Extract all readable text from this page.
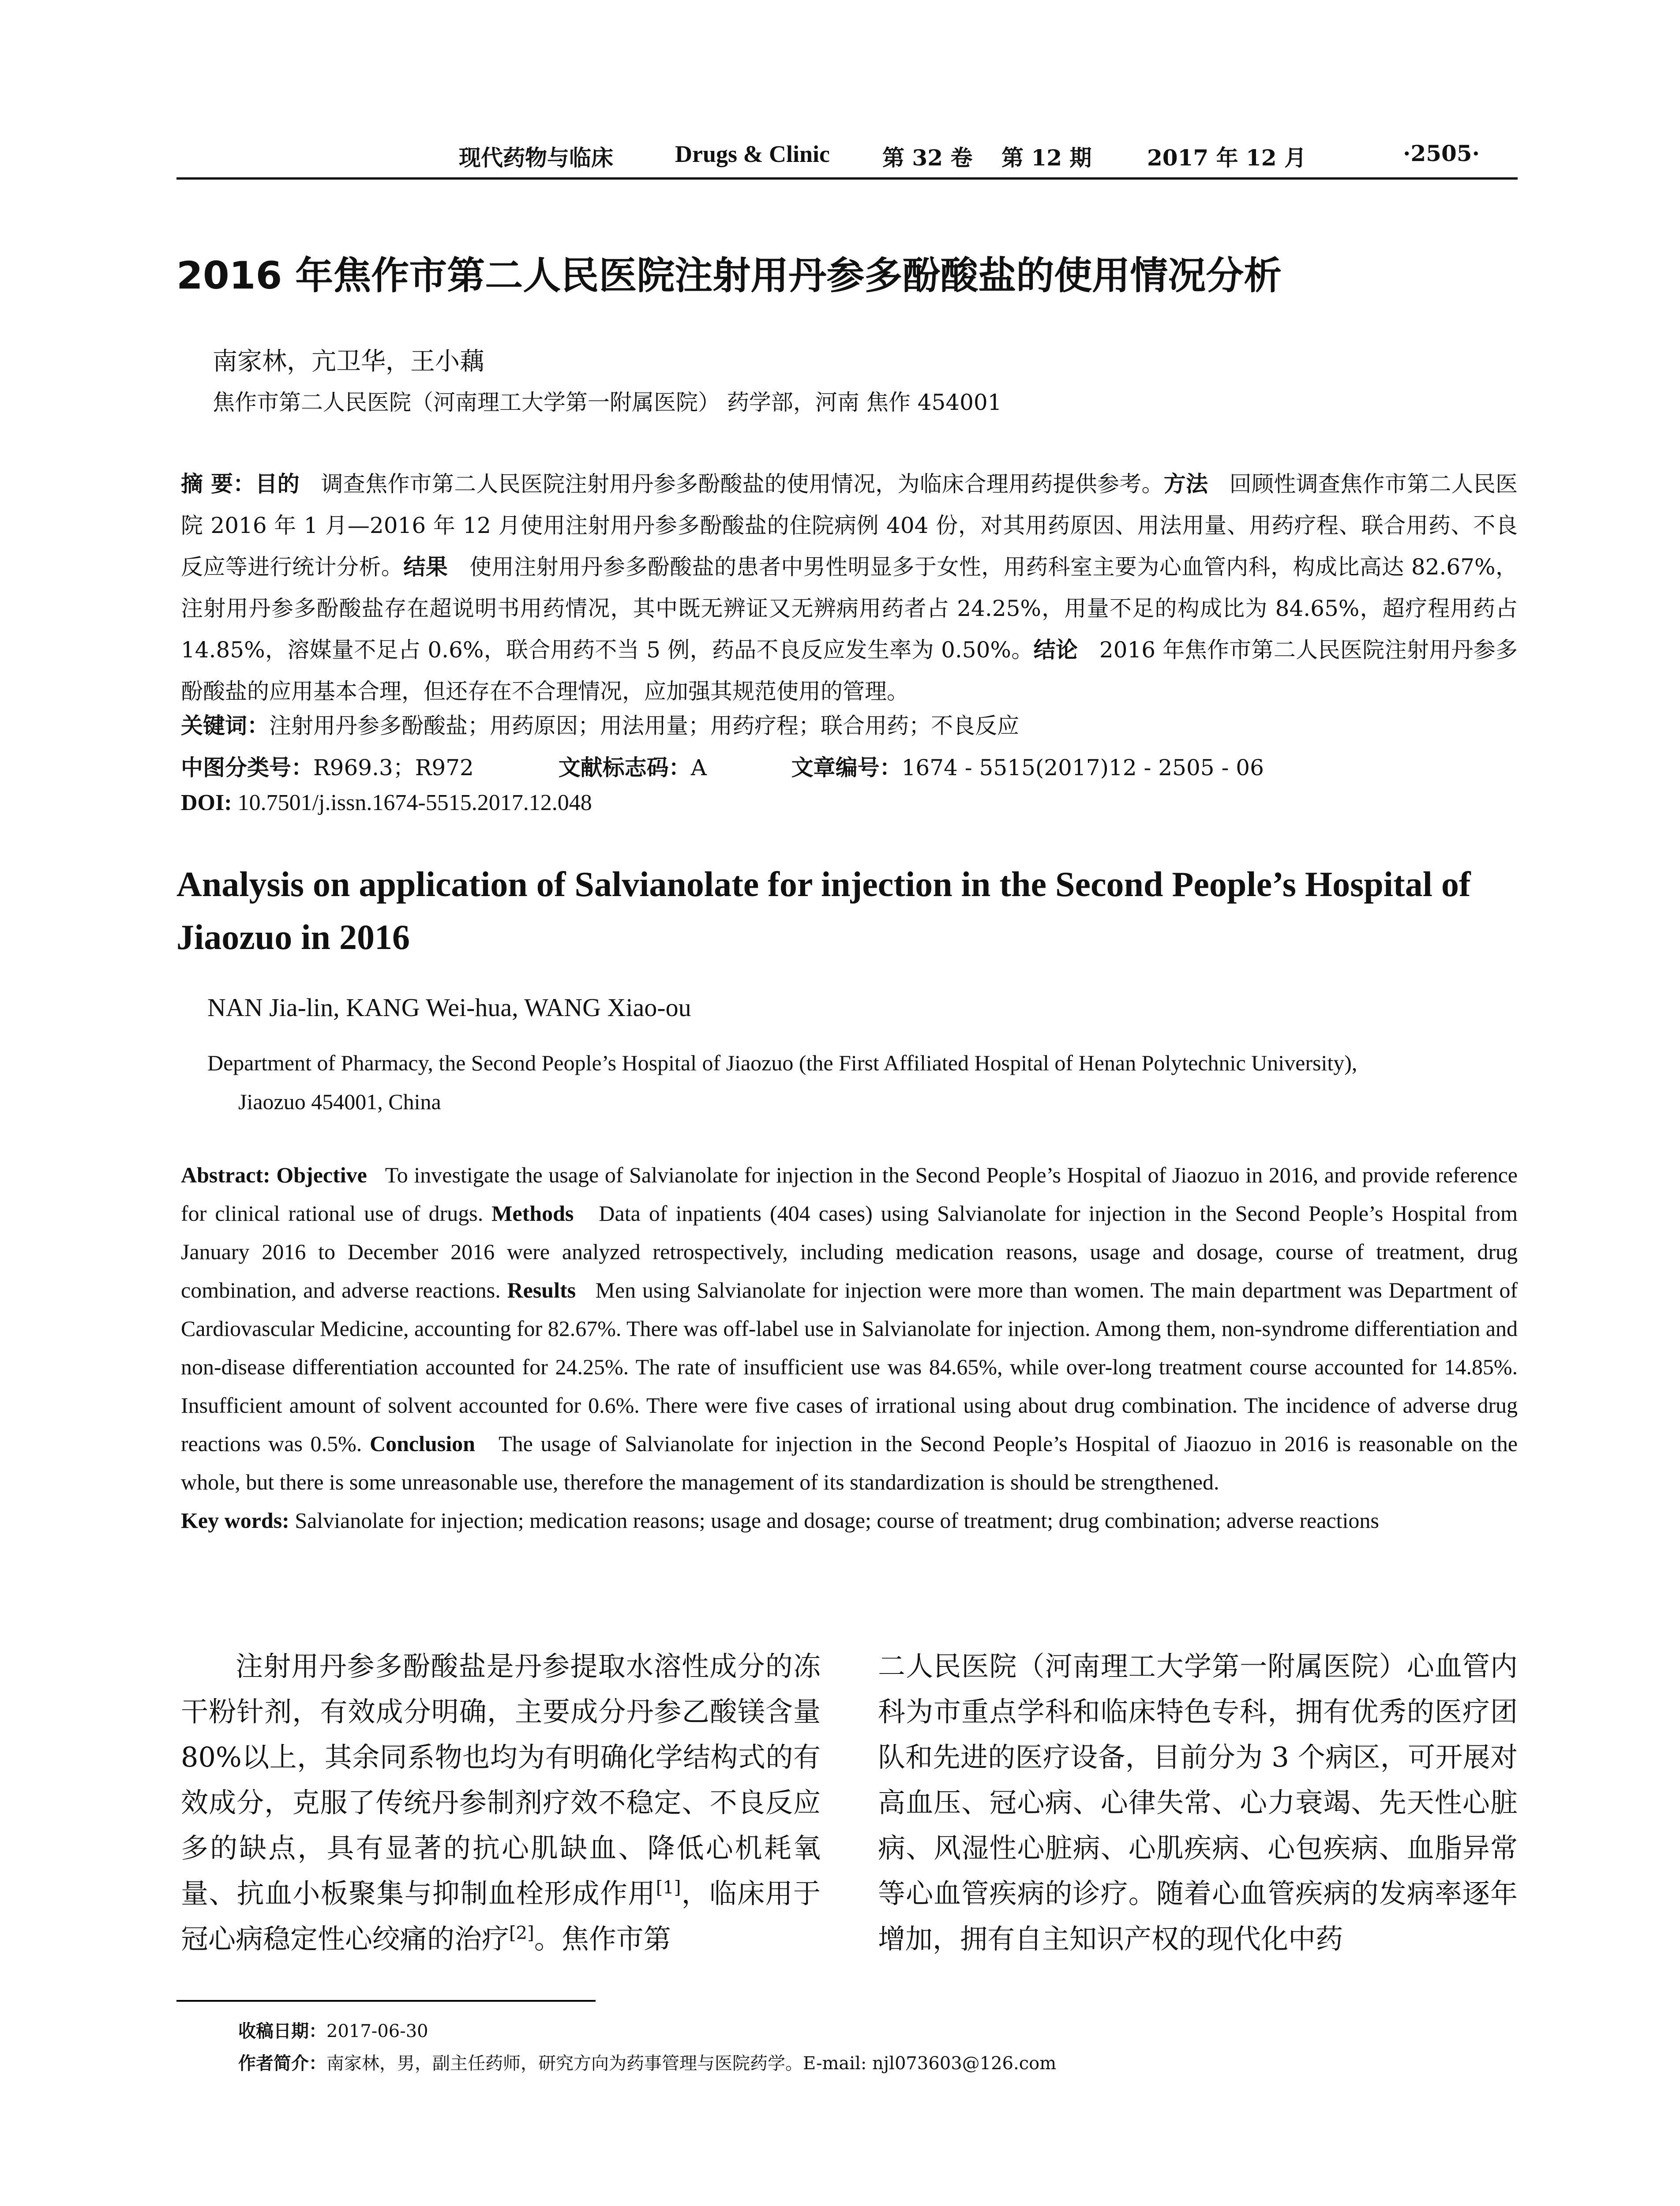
现代药物与临床	Drugs & Clinic 第 32 卷 第 12 期	2017 年 12 月	·2505·
2016 年焦作市第二人民医院注射用丹参多酚酸盐的使用情况分析
南家林，亢卫华，王小藕
焦作市第二人民医院（河南理工大学第一附属医院） 药学部，河南 焦作 454001
摘 要：目的 调查焦作市第二人民医院注射用丹参多酚酸盐的使用情况，为临床合理用药提供参考。方法 回顾性调查焦作市第二人民医院 2016 年 1 月—2016 年 12 月使用注射用丹参多酚酸盐的住院病例 404 份，对其用药原因、用法用量、用药疗程、联合用药、不良反应等进行统计分析。结果 使用注射用丹参多酚酸盐的患者中男性明显多于女性，用药科室主要为心血管内科，构成比高达 82.67%，注射用丹参多酚酸盐存在超说明书用药情况，其中既无辨证又无辨病用药者占 24.25%，用量不足的构成比为 84.65%，超疗程用药占 14.85%，溶媒量不足占 0.6%，联合用药不当 5 例，药品不良反应发生率为 0.50%。结论 2016 年焦作市第二人民医院注射用丹参多酚酸盐的应用基本合理，但还存在不合理情况，应加强其规范使用的管理。
关键词：注射用丹参多酚酸盐；用药原因；用法用量；用药疗程；联合用药；不良反应
中图分类号：R969.3；R972	文献标志码：A	文章编号：1674 - 5515(2017)12 - 2505 - 06
DOI: 10.7501/j.issn.1674-5515.2017.12.048
Analysis on application of Salvianolate for injection in the Second People’s Hospital of Jiaozuo in 2016
NAN Jia-lin, KANG Wei-hua, WANG Xiao-ou
Department of Pharmacy, the Second People’s Hospital of Jiaozuo (the First Affiliated Hospital of Henan Polytechnic University),
Jiaozuo 454001, China
Abstract: Objective To investigate the usage of Salvianolate for injection in the Second People’s Hospital of Jiaozuo in 2016, and provide reference for clinical rational use of drugs. Methods Data of inpatients (404 cases) using Salvianolate for injection in the Second People’s Hospital from January 2016 to December 2016 were analyzed retrospectively, including medication reasons, usage and dosage, course of treatment, drug combination, and adverse reactions. Results Men using Salvianolate for injection were more than women. The main department was Department of Cardiovascular Medicine, accounting for 82.67%. There was off-label use in Salvianolate for injection. Among them, non-syndrome differentiation and non-disease differentiation accounted for 24.25%. The rate of insufficient use was 84.65%, while over-long treatment course accounted for 14.85%. Insufficient amount of solvent accounted for 0.6%. There were five cases of irrational using about drug combination. The incidence of adverse drug reactions was 0.5%. Conclusion The usage of Salvianolate for injection in the Second People’s Hospital of Jiaozuo in 2016 is reasonable on the whole, but there is some unreasonable use, therefore the management of its standardization is should be strengthened.
Key words: Salvianolate for injection; medication reasons; usage and dosage; course of treatment; drug combination; adverse reactions
注射用丹参多酚酸盐是丹参提取水溶性成分的冻干粉针剂，有效成分明确，主要成分丹参乙酸镁含量 80%以上，其余同系物也均为有明确化学结构式的有效成分，克服了传统丹参制剂疗效不稳定、不良反应多的缺点，具有显著的抗心肌缺血、降低心机耗氧量、抗血小板聚集与抑制血栓形成作用[1]，临床用于冠心病稳定性心绞痛的治疗[2]。焦作市第
二人民医院（河南理工大学第一附属医院）心血管内科为市重点学科和临床特色专科，拥有优秀的医疗团队和先进的医疗设备，目前分为 3 个病区，可开展对高血压、冠心病、心律失常、心力衰竭、先天性心脏病、风湿性心脏病、心肌疾病、心包疾病、血脂异常等心血管疾病的诊疗。随着心血管疾病的发病率逐年增加，拥有自主知识产权的现代化中药
收稿日期：2017-06-30
作者简介：南家林，男，副主任药师，研究方向为药事管理与医院药学。E-mail: njl073603@126.com
